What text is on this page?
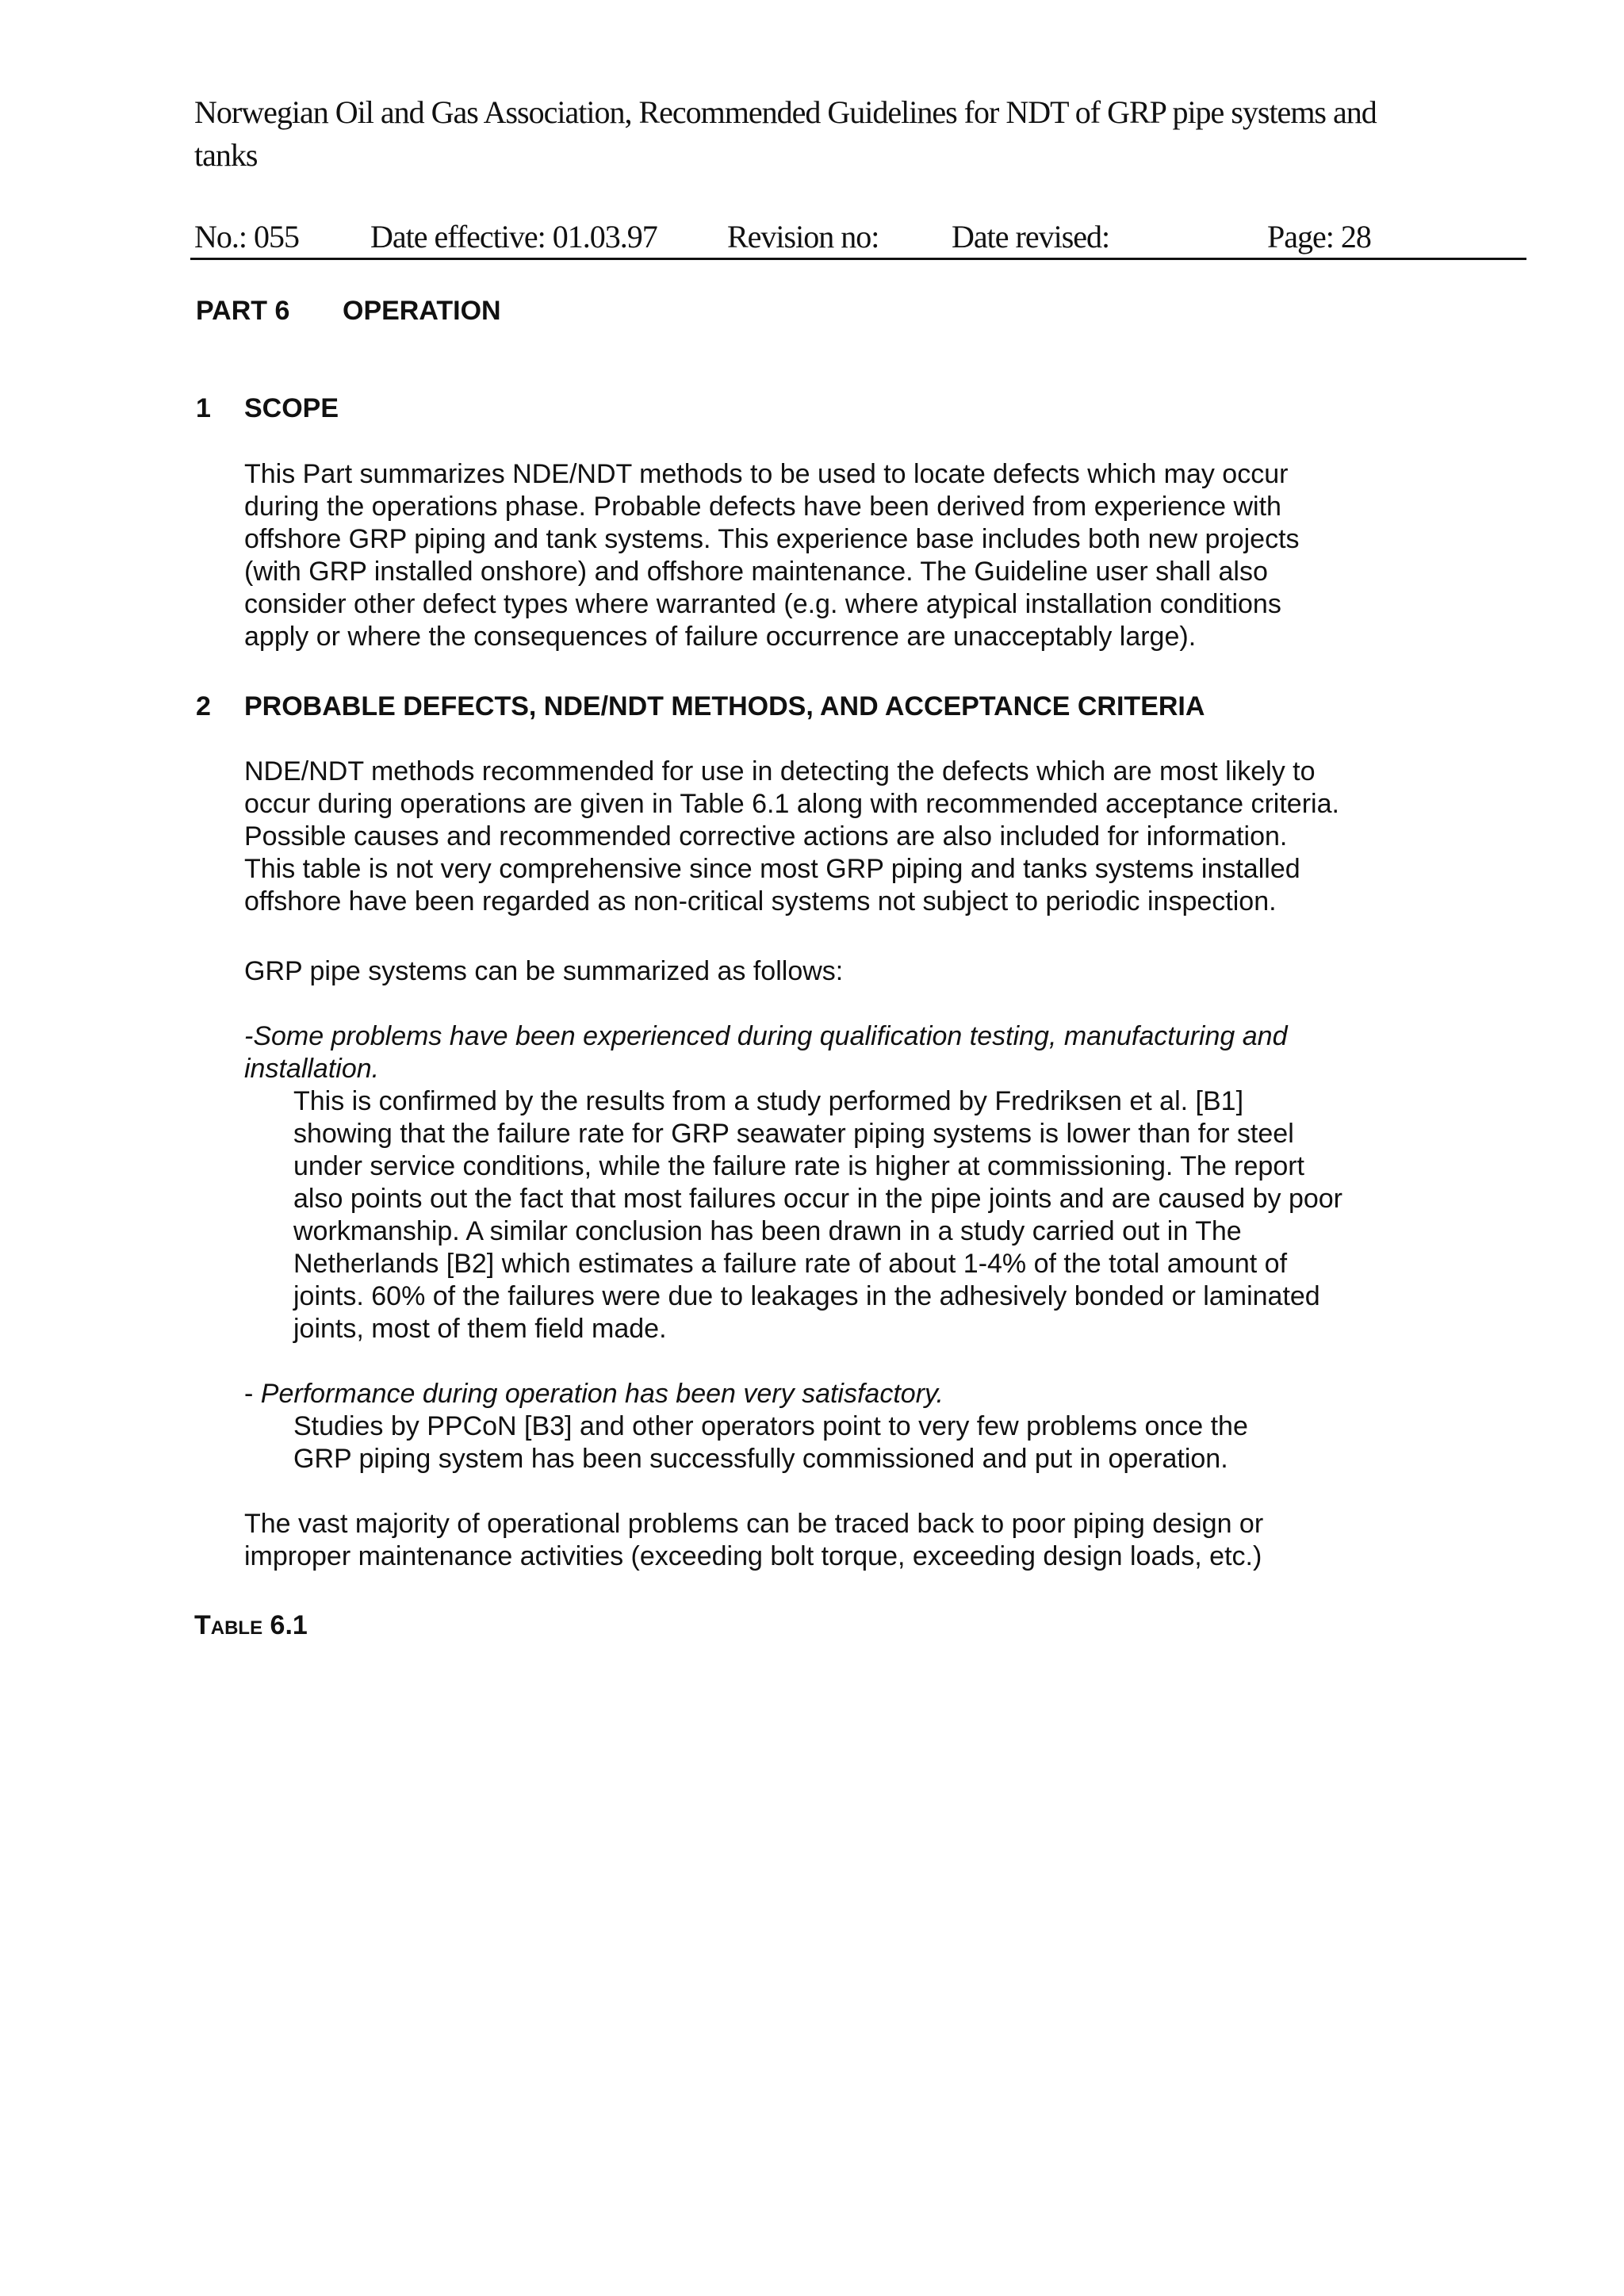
Norwegian Oil and Gas Association, Recommended Guidelines for NDT of GRP pipe systems and
tanks
No.: 055 Date effective: 01.03.97 Revision no: Date revised:	Page: 28
PART 6 OPERATION
1 SCOPE
This Part summarizes NDE/NDT methods to be used to locate defects which may occur
during the operations phase. Probable defects have been derived from experience with
offshore GRP piping and tank systems. This experience base includes both new projects
(with GRP installed onshore) and offshore maintenance. The Guideline user shall also
consider other defect types where warranted (e.g. where atypical installation conditions
apply or where the consequences of failure occurrence are unacceptably large).
2 PROBABLE DEFECTS, NDE/NDT METHODS, AND ACCEPTANCE CRITERIA
NDE/NDT methods recommended for use in detecting the defects which are most likely to
occur during operations are given in Table 6.1 along with recommended acceptance criteria.
Possible causes and recommended corrective actions are also included for information.
This table is not very comprehensive since most GRP piping and tanks systems installed
offshore have been regarded as non-critical systems not subject to periodic inspection.
GRP pipe systems can be summarized as follows:
-Some problems have been experienced during qualification testing, manufacturing and
installation.
This is confirmed by the results from a study performed by Fredriksen et al. [B1]
showing that the failure rate for GRP seawater piping systems is lower than for steel
under service conditions, while the failure rate is higher at commissioning. The report
also points out the fact that most failures occur in the pipe joints and are caused by poor
workmanship. A similar conclusion has been drawn in a study carried out in The
Netherlands [B2] which estimates a failure rate of about 1-4% of the total amount of
joints. 60% of the failures were due to leakages in the adhesively bonded or laminated
joints, most of them field made.
- Performance during operation has been very satisfactory.
Studies by PPCoN [B3] and other operators point to very few problems once the
GRP piping system has been successfully commissioned and put in operation.
The vast majority of operational problems can be traced back to poor piping design or
improper maintenance activities (exceeding bolt torque, exceeding design loads, etc.)
Table 6.1
